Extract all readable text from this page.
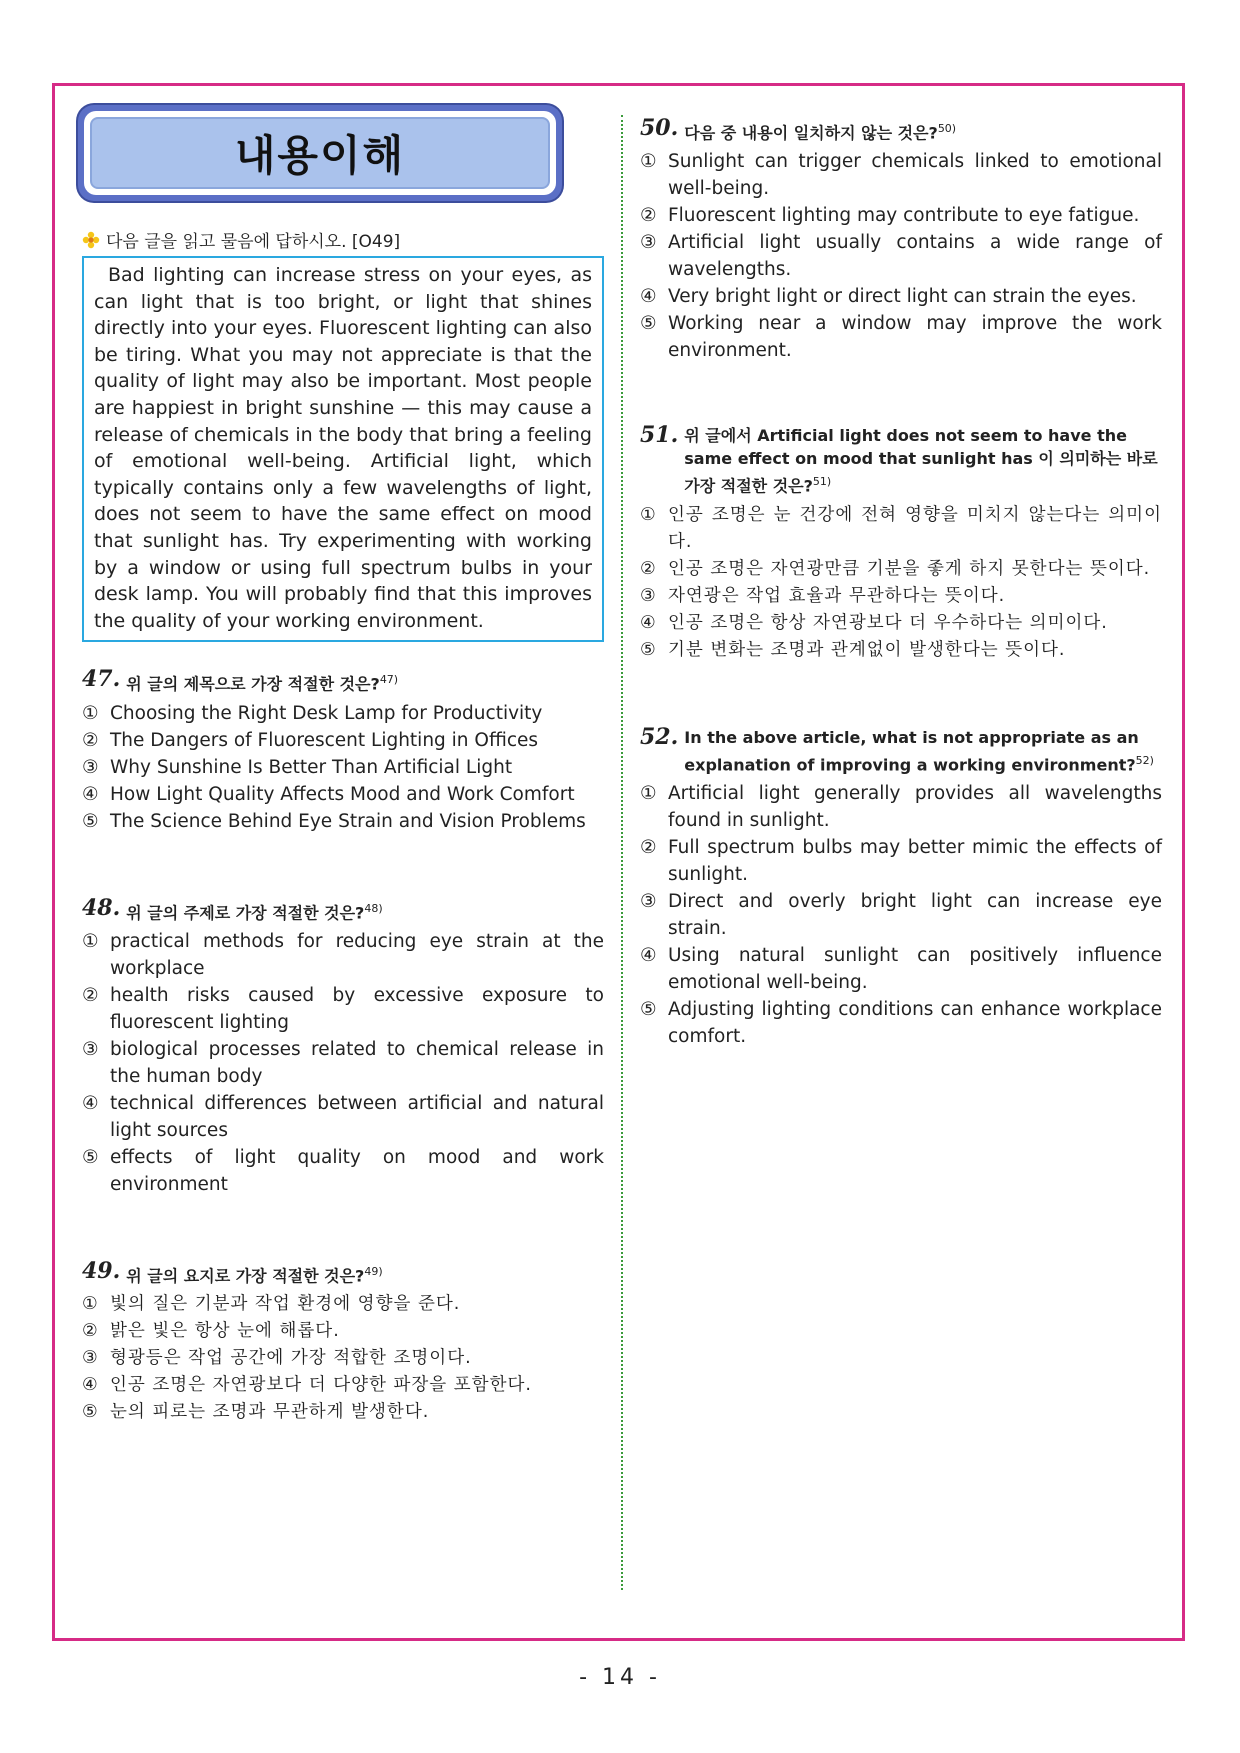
내용이해
다음 글을 읽고 물음에 답하시오. [O49]
Bad lighting can increase stress on your eyes, as can light that is too bright, or light that shines directly into your eyes. Fluorescent lighting can also be tiring. What you may not appreciate is that the quality of light may also be important. Most people are happiest in bright sunshine — this may cause a release of chemicals in the body that bring a feeling of emotional well-being. Artificial light, which typically contains only a few wavelengths of light, does not seem to have the same effect on mood that sunlight has. Try experimenting with working by a window or using full spectrum bulbs in your desk lamp. You will probably find that this improves the quality of your working environment.
47. 위 글의 제목으로 가장 적절한 것은?$^{47)}$
① Choosing the Right Desk Lamp for Productivity
② The Dangers of Fluorescent Lighting in Offices
③ Why Sunshine Is Better Than Artificial Light
④ How Light Quality Affects Mood and Work Comfort
⑤ The Science Behind Eye Strain and Vision Problems
48. 위 글의 주제로 가장 적절한 것은?$^{48)}$
① practical methods for reducing eye strain at the workplace
② health risks caused by excessive exposure to fluorescent lighting
③ biological processes related to chemical release in the human body
④ technical differences between artificial and natural light sources
⑤ effects of light quality on mood and work environment
49. 위 글의 요지로 가장 적절한 것은?$^{49)}$
① 빛의 질은 기분과 작업 환경에 영향을 준다.
② 밝은 빛은 항상 눈에 해롭다.
③ 형광등은 작업 공간에 가장 적합한 조명이다.
④ 인공 조명은 자연광보다 더 다양한 파장을 포함한다.
⑤ 눈의 피로는 조명과 무관하게 발생한다.
50. 다음 중 내용이 일치하지 않는 것은?$^{50)}$
① Sunlight can trigger chemicals linked to emotional well-being.
② Fluorescent lighting may contribute to eye fatigue.
③ Artificial light usually contains a wide range of wavelengths.
④ Very bright light or direct light can strain the eyes.
⑤ Working near a window may improve the work environment.
51. 위 글에서 Artificial light does not seem to have the same effect on mood that sunlight has 이 의미하는 바로 가장 적절한 것은?$^{51)}$
① 인공 조명은 눈 건강에 전혀 영향을 미치지 않는다는 의미이다.
② 인공 조명은 자연광만큼 기분을 좋게 하지 못한다는 뜻이다.
③ 자연광은 작업 효율과 무관하다는 뜻이다.
④ 인공 조명은 항상 자연광보다 더 우수하다는 의미이다.
⑤ 기분 변화는 조명과 관계없이 발생한다는 뜻이다.
52. In the above article, what is not appropriate as an explanation of improving a working environment?$^{52)}$
① Artificial light generally provides all wavelengths found in sunlight.
② Full spectrum bulbs may better mimic the effects of sunlight.
③ Direct and overly bright light can increase eye strain.
④ Using natural sunlight can positively influence emotional well-being.
⑤ Adjusting lighting conditions can enhance workplace comfort.
- 14 -
